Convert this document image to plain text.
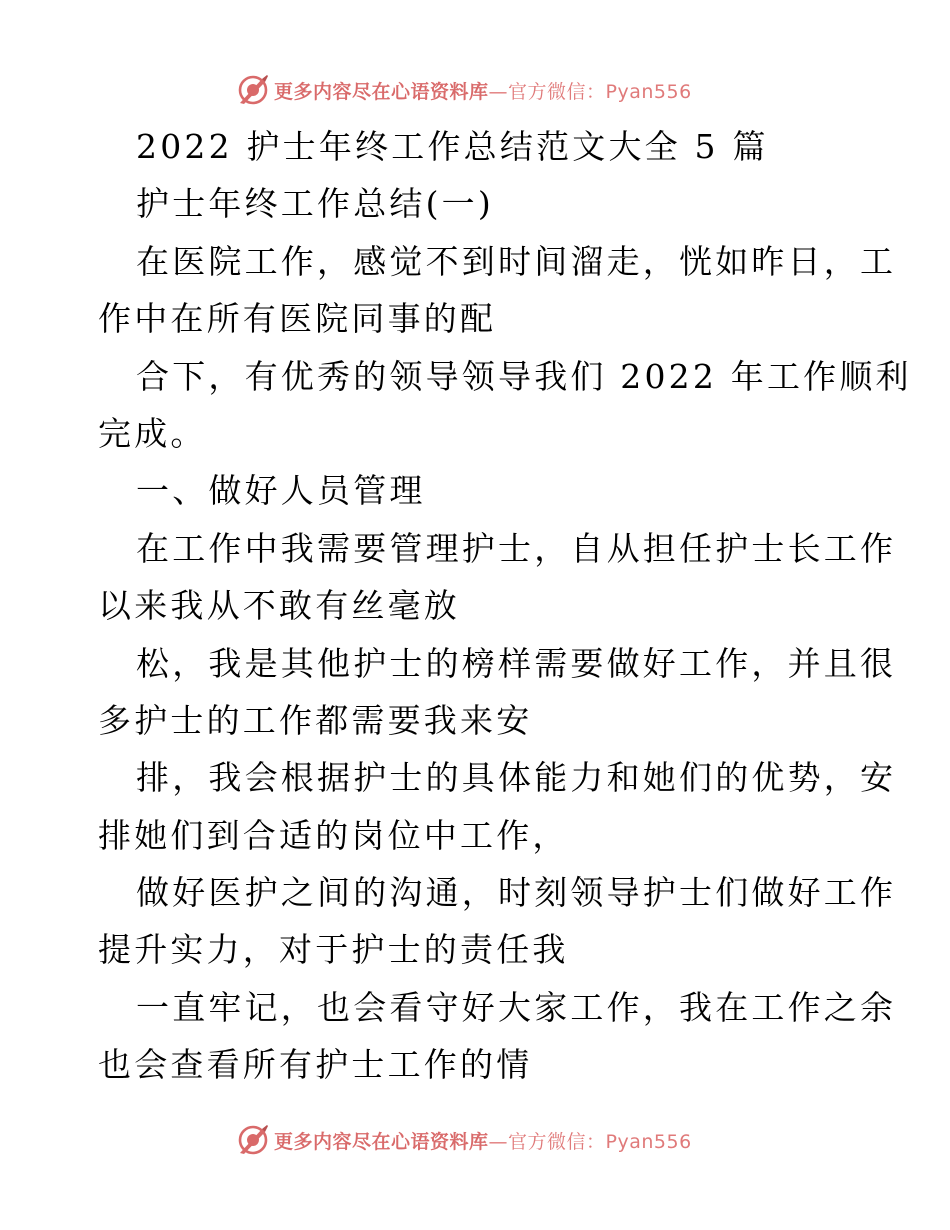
更多内容尽在心语资料库—官方微信：Pyan556
2022 护士年终工作总结范文大全 5 篇
护士年终工作总结(一)
在医院工作，感觉不到时间溜走，恍如昨日，工
作中在所有医院同事的配
合下，有优秀的领导领导我们 2022 年工作顺利
完成。
一、做好人员管理
在工作中我需要管理护士，自从担任护士长工作
以来我从不敢有丝毫放
松，我是其他护士的榜样需要做好工作，并且很
多护士的工作都需要我来安
排，我会根据护士的具体能力和她们的优势，安
排她们到合适的岗位中工作，
做好医护之间的沟通，时刻领导护士们做好工作
提升实力，对于护士的责任我
一直牢记，也会看守好大家工作，我在工作之余
也会查看所有护士工作的情
更多内容尽在心语资料库—官方微信：Pyan556
